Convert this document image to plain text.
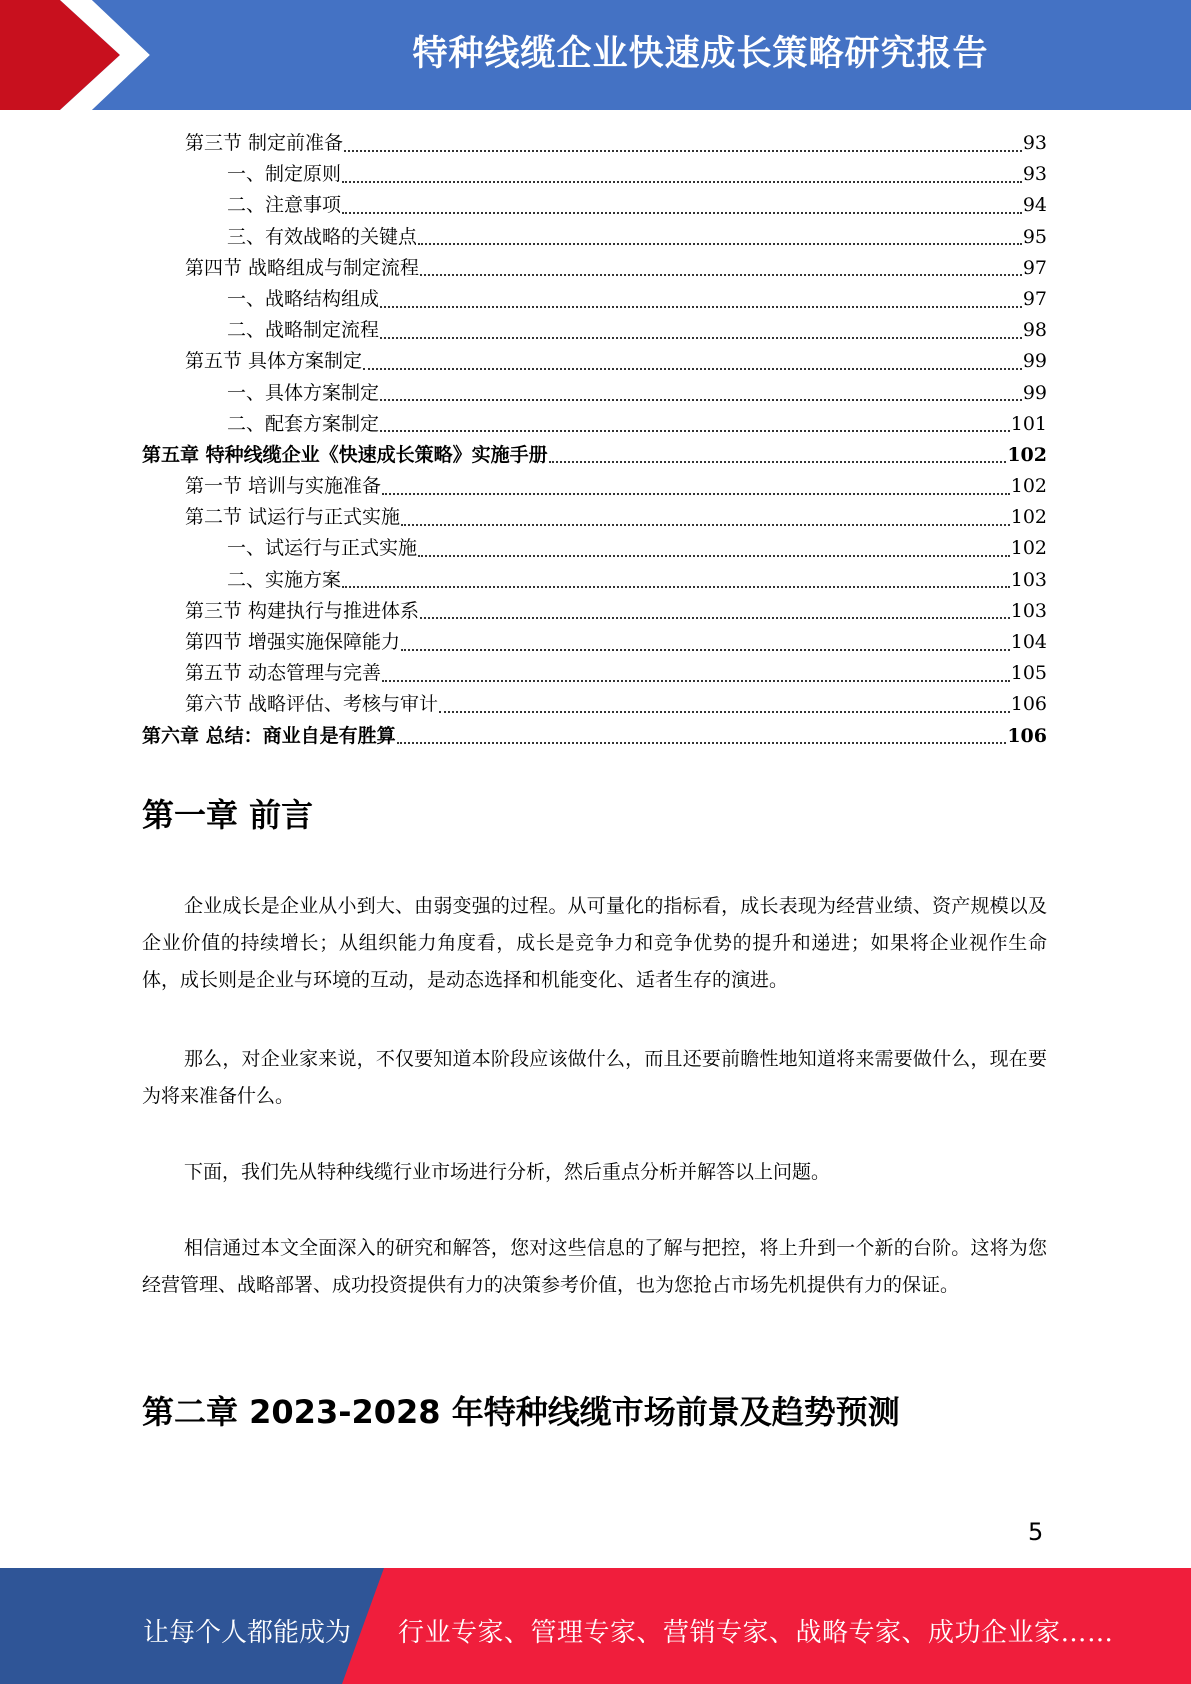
特种线缆企业快速成长策略研究报告
第三节 制定前准备	93
一、制定原则	93
二、注意事项	94
三、有效战略的关键点	95
第四节 战略组成与制定流程	97
一、战略结构组成	97
二、战略制定流程	98
第五节 具体方案制定	99
一、具体方案制定	99
二、配套方案制定	101
第五章 特种线缆企业《快速成长策略》实施手册	102
第一节 培训与实施准备	102
第二节 试运行与正式实施	102
一、试运行与正式实施	102
二、实施方案	103
第三节 构建执行与推进体系	103
第四节 增强实施保障能力	104
第五节 动态管理与完善	105
第六节 战略评估、考核与审计	106
第六章 总结：商业自是有胜算	106
第一章 前言
企业成长是企业从小到大、由弱变强的过程。从可量化的指标看，成长表现为经营业绩、资产规模以及企业价值的持续增长；从组织能力角度看，成长是竞争力和竞争优势的提升和递进；如果将企业视作生命体，成长则是企业与环境的互动，是动态选择和机能变化、适者生存的演进。
那么，对企业家来说，不仅要知道本阶段应该做什么，而且还要前瞻性地知道将来需要做什么，现在要为将来准备什么。
下面，我们先从特种线缆行业市场进行分析，然后重点分析并解答以上问题。
相信通过本文全面深入的研究和解答，您对这些信息的了解与把控，将上升到一个新的台阶。这将为您经营管理、战略部署、成功投资提供有力的决策参考价值，也为您抢占市场先机提供有力的保证。
第二章 2023-2028 年特种线缆市场前景及趋势预测
5
让每个人都能成为 行业专家、管理专家、营销专家、战略专家、成功企业家……
